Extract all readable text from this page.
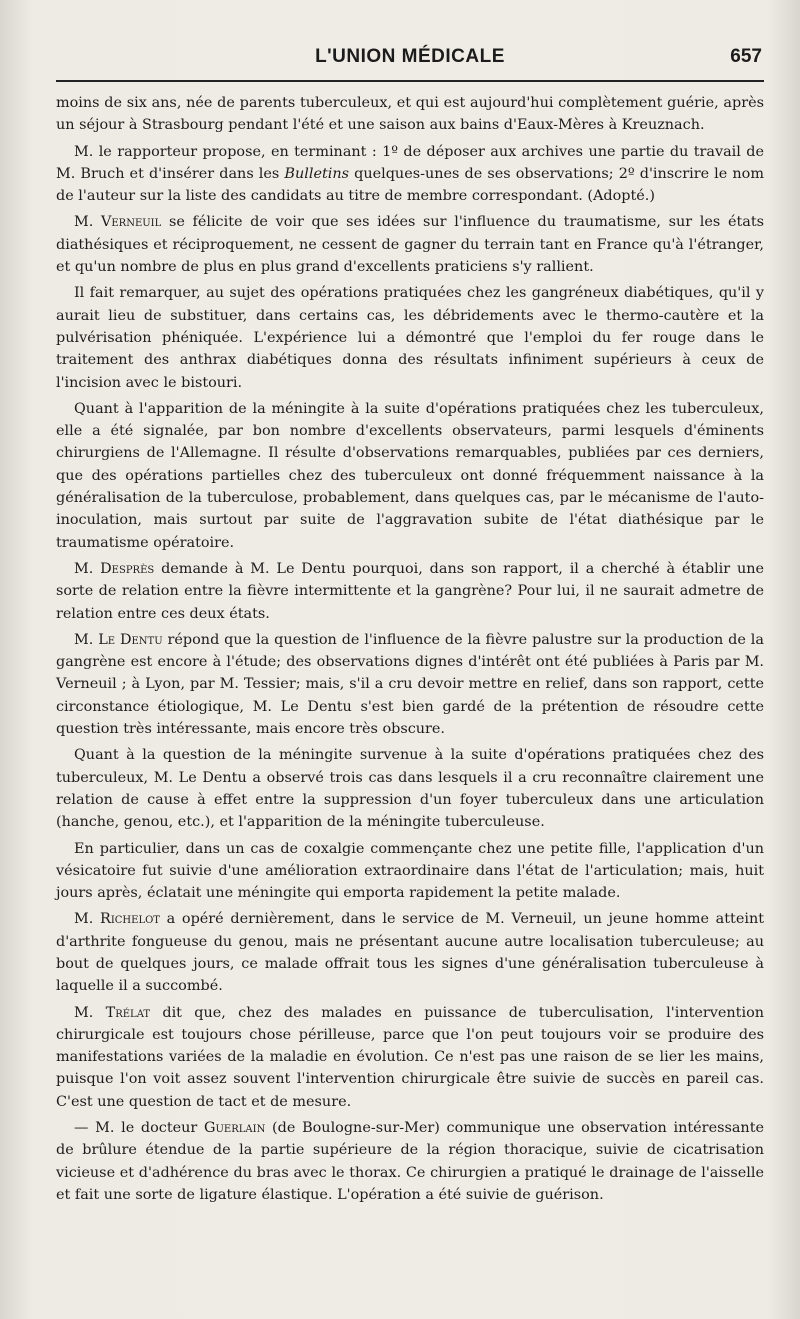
L'UNION MÉDICALE	657

moins de six ans, née de parents tuberculeux, et qui est aujourd'hui complètement guérie, après un séjour à Strasbourg pendant l'été et une saison aux bains d'Eaux-Mères à Kreuznach.

M. le rapporteur propose, en terminant : 1º de déposer aux archives une partie du travail de M. Bruch et d'insérer dans les Bulletins quelques-unes de ses observations; 2º d'inscrire le nom de l'auteur sur la liste des candidats au titre de membre correspondant. (Adopté.)

M. Verneuil se félicite de voir que ses idées sur l'influence du traumatisme, sur les états diathésiques et réciproquement, ne cessent de gagner du terrain tant en France qu'à l'étranger, et qu'un nombre de plus en plus grand d'excellents praticiens s'y rallient.

Il fait remarquer, au sujet des opérations pratiquées chez les gangréneux diabétiques, qu'il y aurait lieu de substituer, dans certains cas, les débridements avec le thermo-cautère et la pulvérisation phéniquée. L'expérience lui a démontré que l'emploi du fer rouge dans le traitement des anthrax diabétiques donna des résultats infiniment supérieurs à ceux de l'incision avec le bistouri.

Quant à l'apparition de la méningite à la suite d'opérations pratiquées chez les tuberculeux, elle a été signalée, par bon nombre d'excellents observateurs, parmi lesquels d'éminents chirurgiens de l'Allemagne. Il résulte d'observations remarquables, publiées par ces derniers, que des opérations partielles chez des tuberculeux ont donné fréquemment naissance à la généralisation de la tuberculose, probablement, dans quelques cas, par le mécanisme de l'auto-inoculation, mais surtout par suite de l'aggravation subite de l'état diathésique par le traumatisme opératoire.

M. Desprès demande à M. Le Dentu pourquoi, dans son rapport, il a cherché à établir une sorte de relation entre la fièvre intermittente et la gangrène? Pour lui, il ne saurait admetre de relation entre ces deux états.

M. Le Dentu répond que la question de l'influence de la fièvre palustre sur la production de la gangrène est encore à l'étude; des observations dignes d'intérêt ont été publiées à Paris par M. Verneuil ; à Lyon, par M. Tessier; mais, s'il a cru devoir mettre en relief, dans son rapport, cette circonstance étiologique, M. Le Dentu s'est bien gardé de la prétention de résoudre cette question très intéressante, mais encore très obscure.

Quant à la question de la méningite survenue à la suite d'opérations pratiquées chez des tuberculeux, M. Le Dentu a observé trois cas dans lesquels il a cru reconnaître clairement une relation de cause à effet entre la suppression d'un foyer tuberculeux dans une articulation (hanche, genou, etc.), et l'apparition de la méningite tuberculeuse.

En particulier, dans un cas de coxalgie commençante chez une petite fille, l'application d'un vésicatoire fut suivie d'une amélioration extraordinaire dans l'état de l'articulation; mais, huit jours après, éclatait une méningite qui emporta rapidement la petite malade.

M. Richelot a opéré dernièrement, dans le service de M. Verneuil, un jeune homme atteint d'arthrite fongueuse du genou, mais ne présentant aucune autre localisation tuberculeuse; au bout de quelques jours, ce malade offrait tous les signes d'une généralisation tuberculeuse à laquelle il a succombé.

M. Trélat dit que, chez des malades en puissance de tuberculisation, l'intervention chirurgicale est toujours chose périlleuse, parce que l'on peut toujours voir se produire des manifestations variées de la maladie en évolution. Ce n'est pas une raison de se lier les mains, puisque l'on voit assez souvent l'intervention chirurgicale être suivie de succès en pareil cas. C'est une question de tact et de mesure.

— M. le docteur Guerlain (de Boulogne-sur-Mer) communique une observation intéressante de brûlure étendue de la partie supérieure de la région thoracique, suivie de cicatrisation vicieuse et d'adhérence du bras avec le thorax. Ce chirurgien a pratiqué le drainage de l'aisselle et fait une sorte de ligature élastique. L'opération a été suivie de guérison.
